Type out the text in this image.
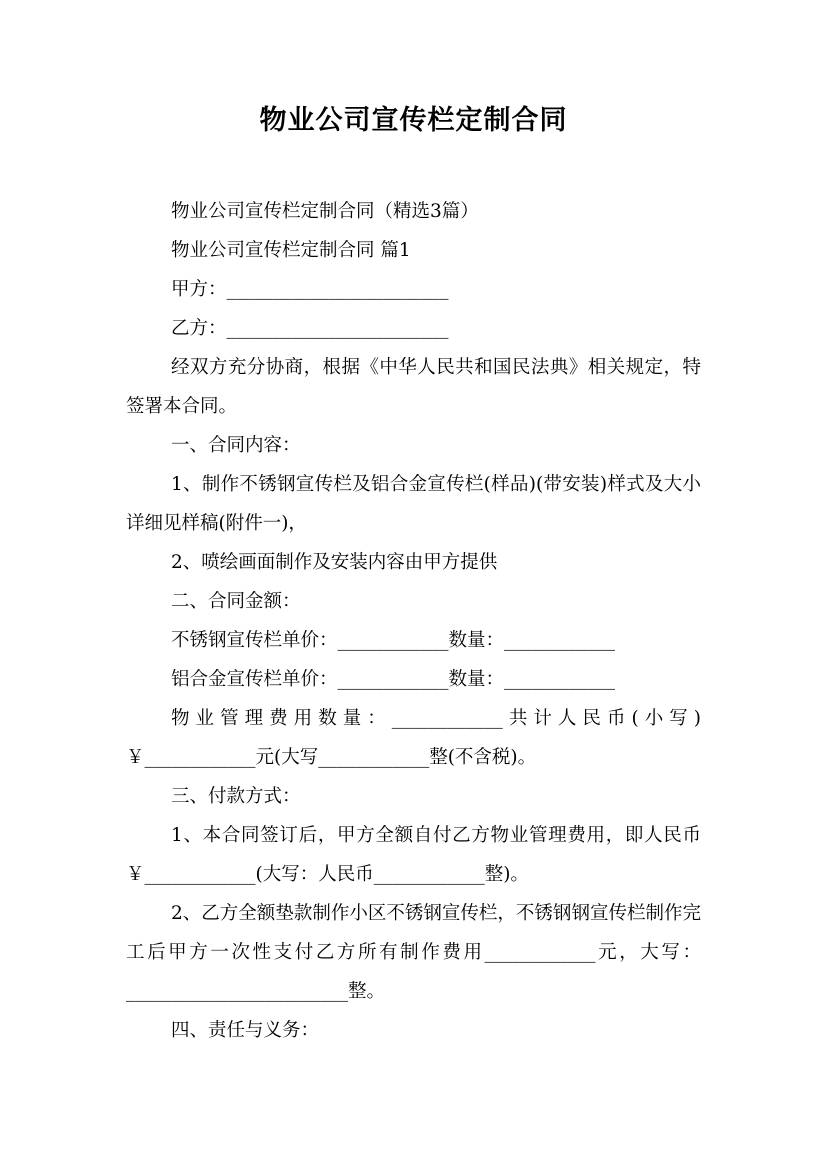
物业公司宣传栏定制合同

物业公司宣传栏定制合同（精选3篇）

物业公司宣传栏定制合同 篇1

甲方：________________________

乙方：________________________

经双方充分协商，根据《中华人民共和国民法典》相关规定，特签署本合同。

一、合同内容：

1、制作不锈钢宣传栏及铝合金宣传栏(样品)(带安装)样式及大小详细见样稿(附件一)，

2、喷绘画面制作及安装内容由甲方提供

二、合同金额：

不锈钢宣传栏单价：____________数量：____________

铝合金宣传栏单价：____________数量：____________

物业管理费用数量：____________共计人民币(小写)￥____________元(大写____________整(不含税)。

三、付款方式：

1、本合同签订后，甲方全额自付乙方物业管理费用，即人民币￥____________(大写：人民币____________整)。

2、乙方全额垫款制作小区不锈钢宣传栏，不锈钢钢宣传栏制作完工后甲方一次性支付乙方所有制作费用____________元，大写：________________________整。

四、责任与义务：
